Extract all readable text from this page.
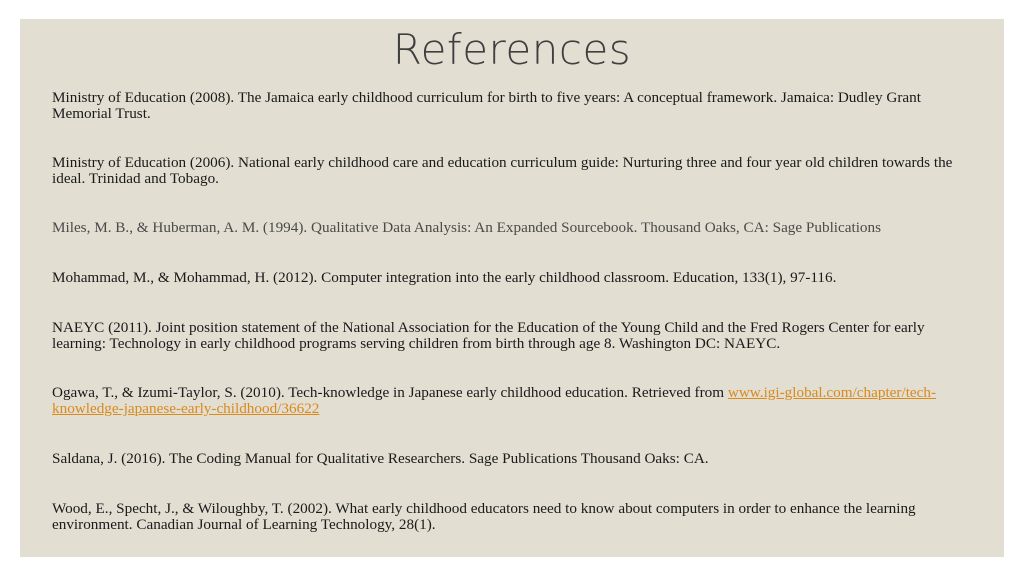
References

Ministry of Education (2008). The Jamaica early childhood curriculum for birth to five years: A conceptual framework. Jamaica: Dudley Grant Memorial Trust.

Ministry of Education (2006). National early childhood care and education curriculum guide: Nurturing three and four year old children towards the ideal. Trinidad and Tobago.

Miles, M. B., & Huberman, A. M. (1994). Qualitative Data Analysis: An Expanded Sourcebook. Thousand Oaks, CA: Sage Publications

Mohammad, M., & Mohammad, H. (2012). Computer integration into the early childhood classroom. Education, 133(1), 97-116.

NAEYC (2011). Joint position statement of the National Association for the Education of the Young Child and the Fred Rogers Center for early learning: Technology in early childhood programs serving children from birth through age 8. Washington DC: NAEYC.

Ogawa, T., & Izumi-Taylor, S. (2010). Tech-knowledge in Japanese early childhood education. Retrieved from www.igi-global.com/chapter/tech-knowledge-japanese-early-childhood/36622

Saldana, J. (2016). The Coding Manual for Qualitative Researchers. Sage Publications Thousand Oaks: CA.

Wood, E., Specht, J., & Wiloughby, T. (2002). What early childhood educators need to know about computers in order to enhance the learning environment. Canadian Journal of Learning Technology, 28(1).
